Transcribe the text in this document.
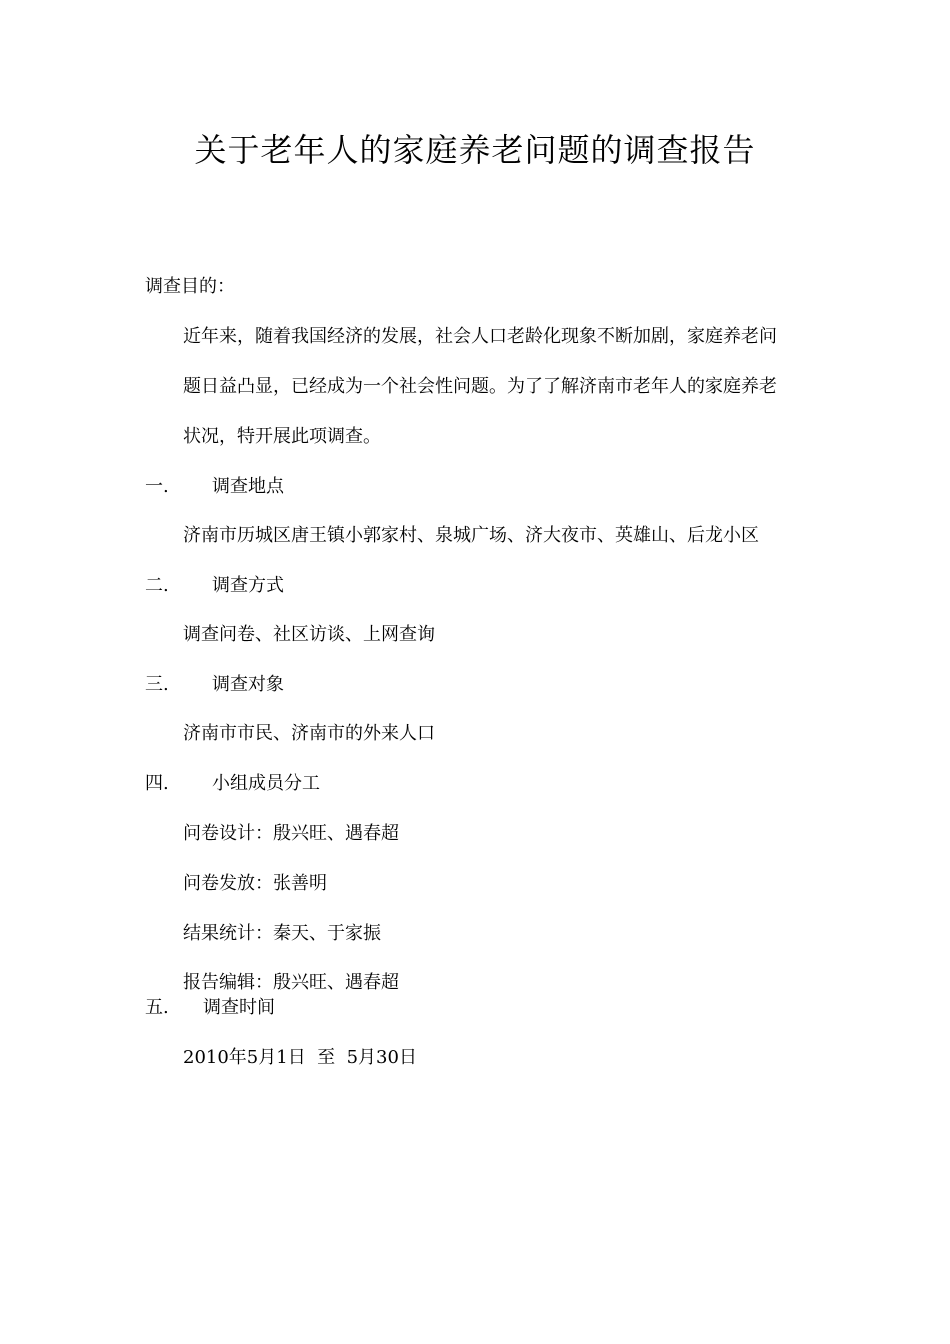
关于老年人的家庭养老问题的调查报告
调查目的：
近年来，随着我国经济的发展，社会人口老龄化现象不断加剧，家庭养老问
题日益凸显，已经成为一个社会性问题。为了了解济南市老年人的家庭养老
状况，特开展此项调查。
一. 调查地点
济南市历城区唐王镇小郭家村、泉城广场、济大夜市、英雄山、后龙小区
二. 调查方式
调查问卷、社区访谈、上网查询
三. 调查对象
济南市市民、济南市的外来人口
四. 小组成员分工
问卷设计：殷兴旺、遇春超
问卷发放：张善明
结果统计：秦天、于家振
报告编辑：殷兴旺、遇春超
五. 调查时间
2010年5月1日  至  5月30日
